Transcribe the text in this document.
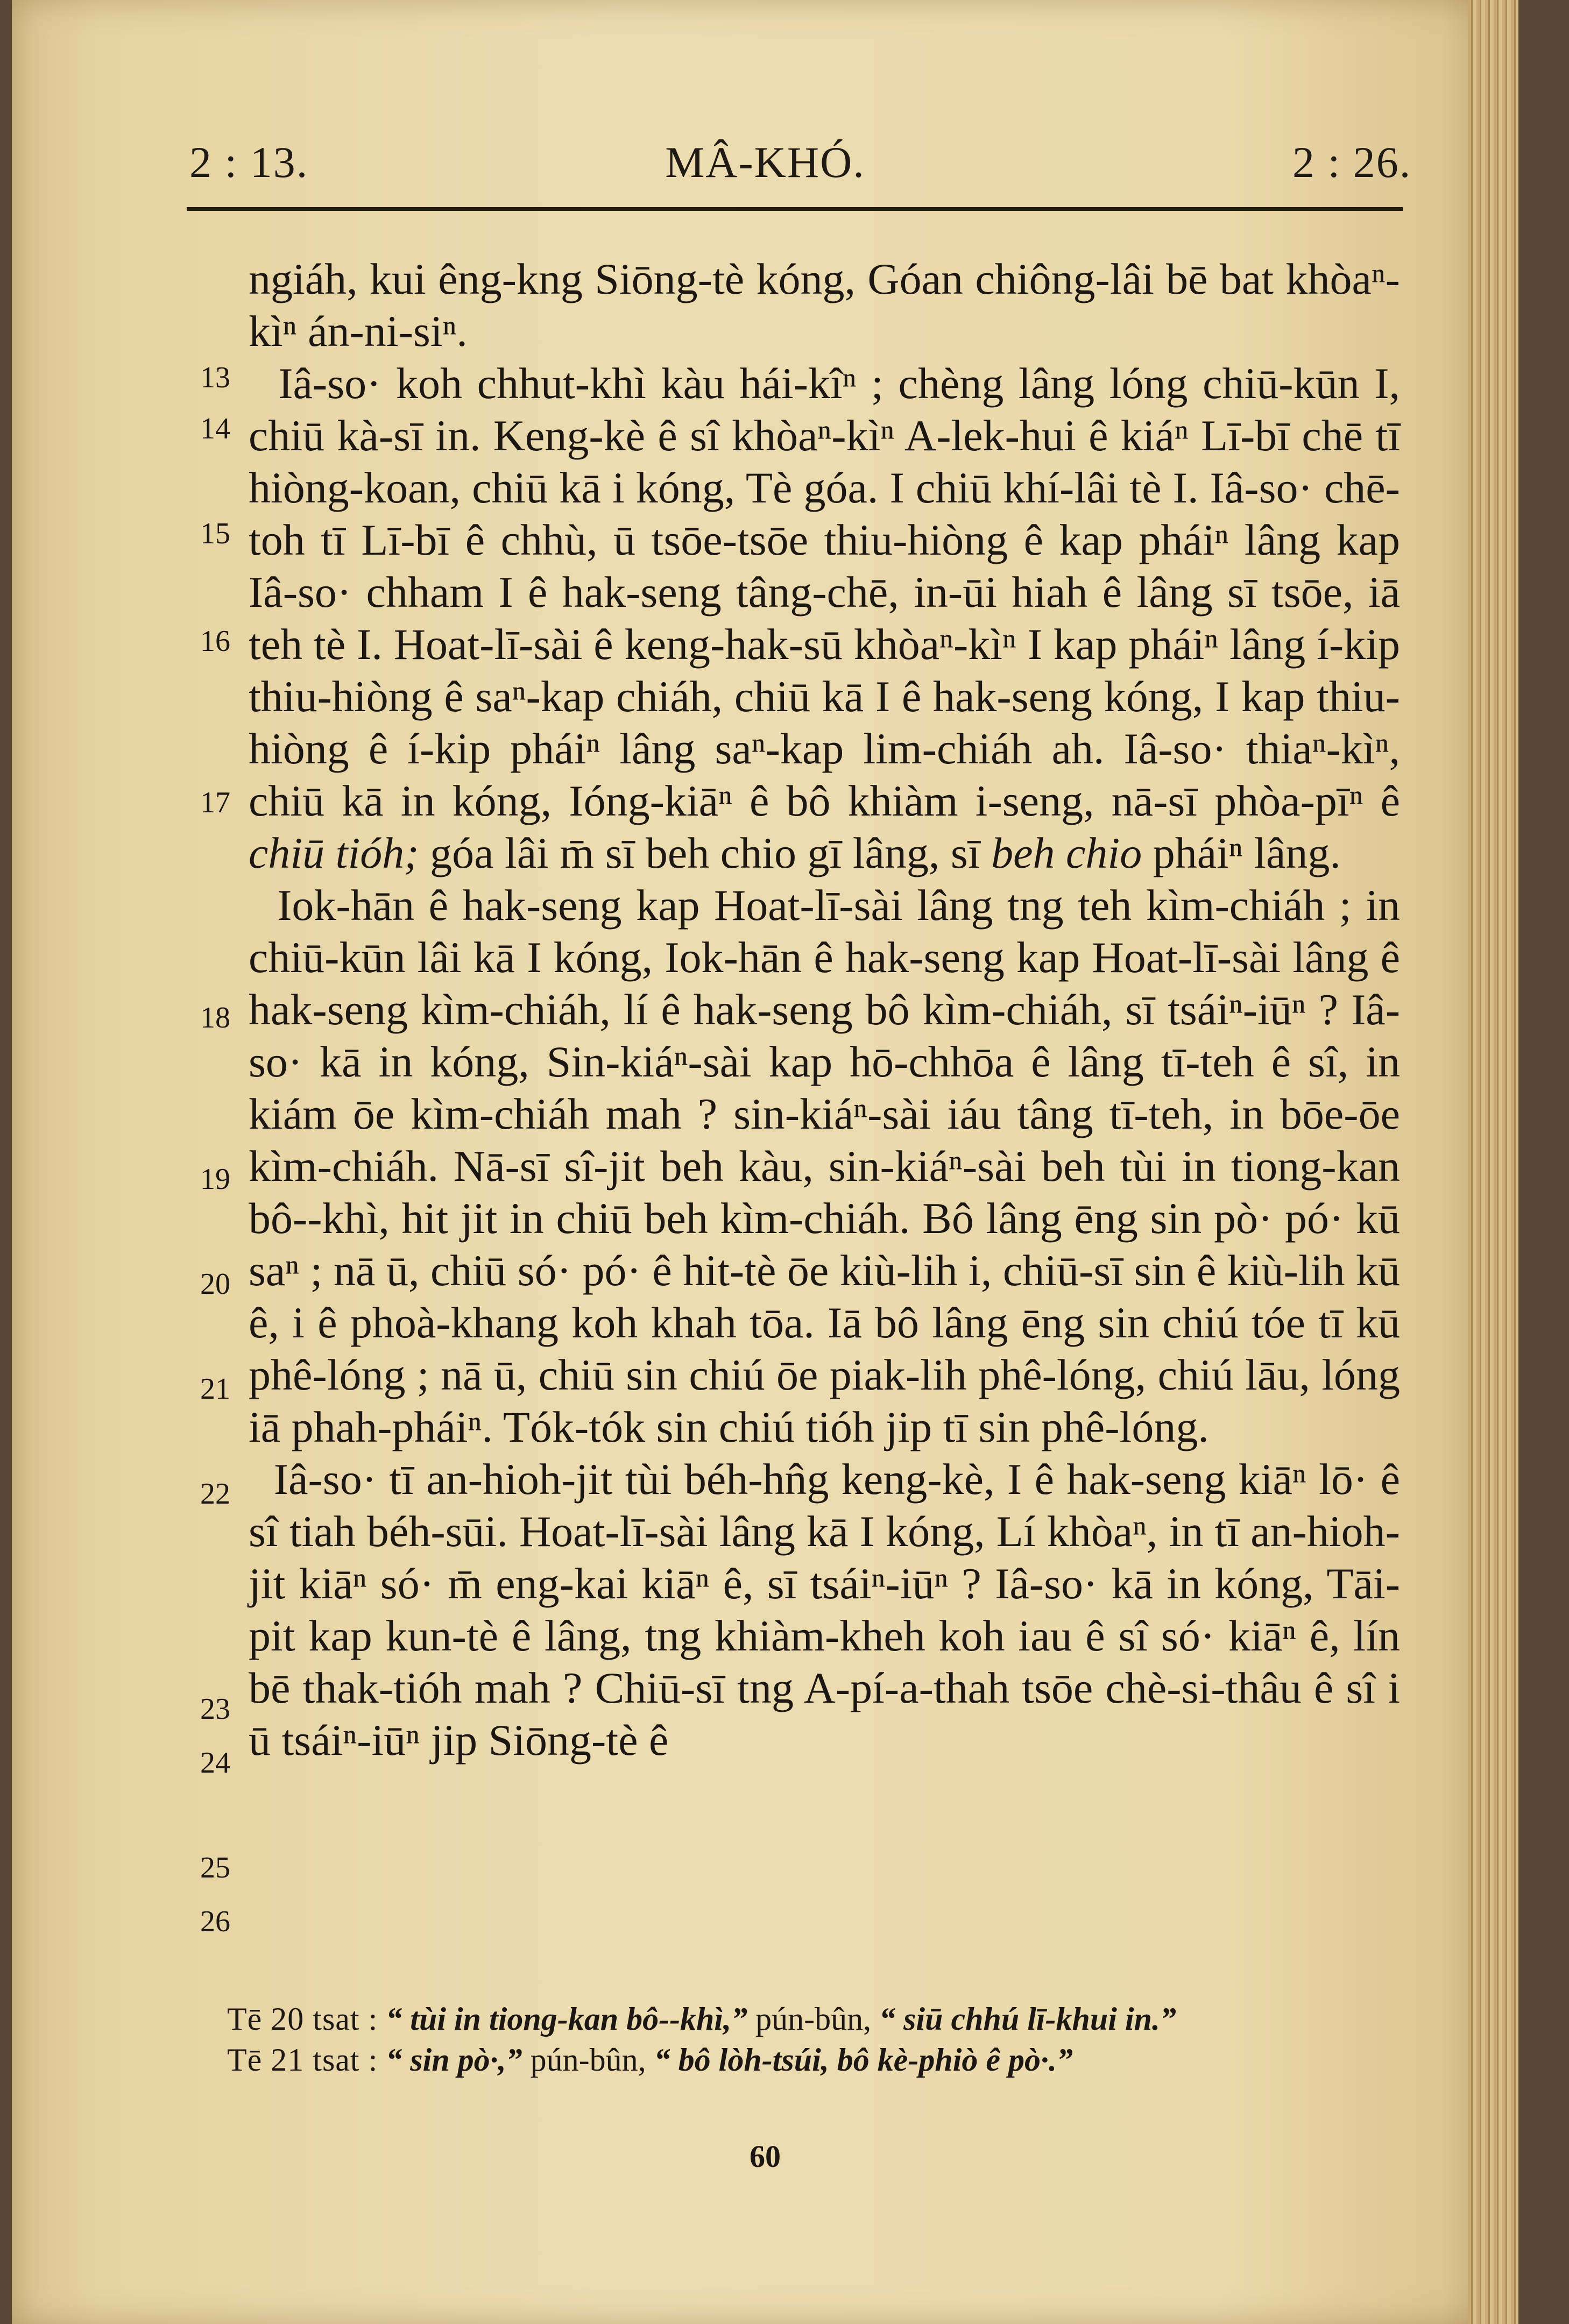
2 : 13.	MÂ-KHÓ.	2 : 26.
13
14
15
16
17
18
19
20
21
22
23
24
25
26
ngiáh, kui êng-kng Siōng-tè kóng, Góan chiông-lâi bē bat khòaⁿ-kìⁿ án-ni-siⁿ.
Iâ-so· koh chhut-khì kàu hái-kîⁿ ; chèng lâng lóng chiū-kūn I, chiū kà-sī in. Keng-kè ê sî khòaⁿ-kìⁿ A-lek-hui ê kiáⁿ Lī-bī chē tī hiòng-koan, chiū kā i kóng, Tè góa. I chiū khí-lâi tè I. Iâ-so· chē-toh tī Lī-bī ê chhù, ū tsōe-tsōe thiu-hiòng ê kap pháiⁿ lâng kap Iâ-so· chham I ê hak-seng tâng-chē, in-ūi hiah ê lâng sī tsōe, iā teh tè I. Hoat-lī-sài ê keng-hak-sū khòaⁿ-kìⁿ I kap pháiⁿ lâng í-kip thiu-hiòng ê saⁿ-kap chiáh, chiū kā I ê hak-seng kóng, I kap thiu-hiòng ê í-kip pháiⁿ lâng saⁿ-kap lim-chiáh ah. Iâ-so· thiaⁿ-kìⁿ, chiū kā in kóng, Ióng-kiāⁿ ê bô khiàm i-seng, nā-sī phòa-pīⁿ ê chiū tióh; góa lâi m̄ sī beh chio gī lâng, sī beh chio pháiⁿ lâng.
Iok-hān ê hak-seng kap Hoat-lī-sài lâng tng teh kìm-chiáh ; in chiū-kūn lâi kā I kóng, Iok-hān ê hak-seng kap Hoat-lī-sài lâng ê hak-seng kìm-chiáh, lí ê hak-seng bô kìm-chiáh, sī tsáiⁿ-iūⁿ ? Iâ-so· kā in kóng, Sin-kiáⁿ-sài kap hō-chhōa ê lâng tī-teh ê sî, in kiám ōe kìm-chiáh mah ? sin-kiáⁿ-sài iáu tâng tī-teh, in bōe-ōe kìm-chiáh. Nā-sī sî-jit beh kàu, sin-kiáⁿ-sài beh tùi in tiong-kan bô--khì, hit jit in chiū beh kìm-chiáh. Bô lâng ēng sin pò· pó· kū saⁿ ; nā ū, chiū só· pó· ê hit-tè ōe kiù-lih i, chiū-sī sin ê kiù-lih kū ê, i ê phoà-khang koh khah tōa. Iā bô lâng ēng sin chiú tóe tī kū phê-lóng ; nā ū, chiū sin chiú ōe piak-lih phê-lóng, chiú lāu, lóng iā phah-pháiⁿ. Tók-tók sin chiú tióh jip tī sin phê-lóng.
Iâ-so· tī an-hioh-jit tùi béh-hn̂g keng-kè, I ê hak-seng kiāⁿ lō· ê sî tiah béh-sūi. Hoat-lī-sài lâng kā I kóng, Lí khòaⁿ, in tī an-hioh-jit kiāⁿ só· m̄ eng-kai kiāⁿ ê, sī tsáiⁿ-iūⁿ ? Iâ-so· kā in kóng, Tāi-pit kap kun-tè ê lâng, tng khiàm-kheh koh iau ê sî só· kiāⁿ ê, lín bē thak-tióh mah ? Chiū-sī tng A-pí-a-thah tsōe chè-si-thâu ê sî i ū tsáiⁿ-iūⁿ jip Siōng-tè ê
Tē 20 tsat : “ tùi in tiong-kan bô--khì,” pún-bûn, “ siū chhú lī-khui in.”
Tē 21 tsat : “ sin pò·,” pún-bûn, “ bô lòh-tsúi, bô kè-phiò ê pò·.”
60
